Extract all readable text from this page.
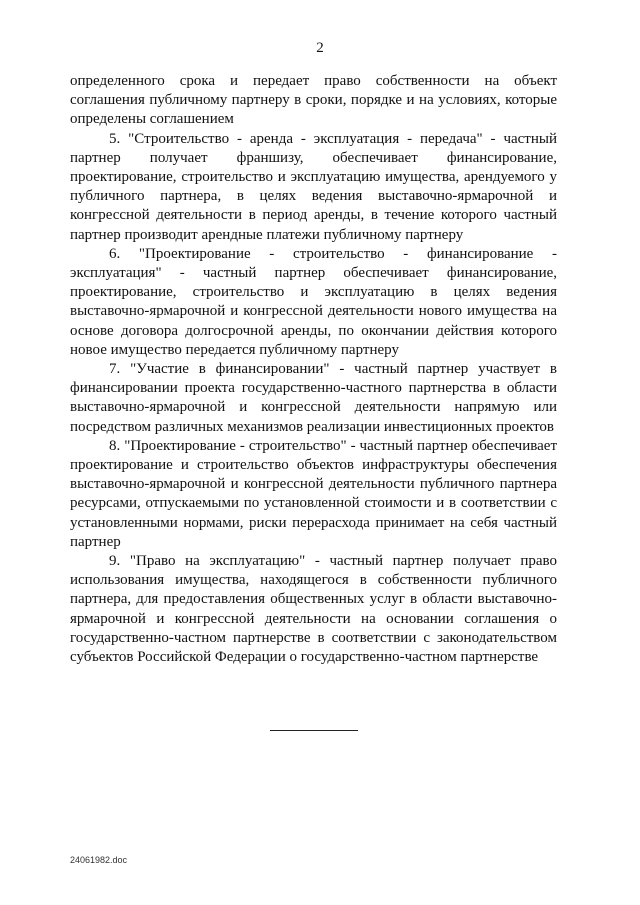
2

определенного срока и передает право собственности на объект соглашения публичному партнеру в сроки, порядке и на условиях, которые определены соглашением

5. "Строительство - аренда - эксплуатация - передача" - частный партнер получает франшизу, обеспечивает финансирование, проектирование, строительство и эксплуатацию имущества, арендуемого у публичного партнера, в целях ведения выставочно-ярмарочной и конгрессной деятельности в период аренды, в течение которого частный партнер производит арендные платежи публичному партнеру

6. "Проектирование - строительство - финансирование - эксплуатация" - частный партнер обеспечивает финансирование, проектирование, строительство и эксплуатацию в целях ведения выставочно-ярмарочной и конгрессной деятельности нового имущества на основе договора долгосрочной аренды, по окончании действия которого новое имущество передается публичному партнеру

7. "Участие в финансировании" - частный партнер участвует в финансировании проекта государственно-частного партнерства в области выставочно-ярмарочной и конгрессной деятельности напрямую или посредством различных механизмов реализации инвестиционных проектов

8. "Проектирование - строительство" - частный партнер обеспечивает проектирование и строительство объектов инфраструктуры обеспечения выставочно-ярмарочной и конгрессной деятельности публичного партнера ресурсами, отпускаемыми по установленной стоимости и в соответствии с установленными нормами, риски перерасхода принимает на себя частный партнер

9. "Право на эксплуатацию" - частный партнер получает право использования имущества, находящегося в собственности публичного партнера, для предоставления общественных услуг в области выставочно-ярмарочной и конгрессной деятельности на основании соглашения о государственно-частном партнерстве в соответствии с законодательством субъектов Российской Федерации о государственно-частном партнерстве

24061982.doc
